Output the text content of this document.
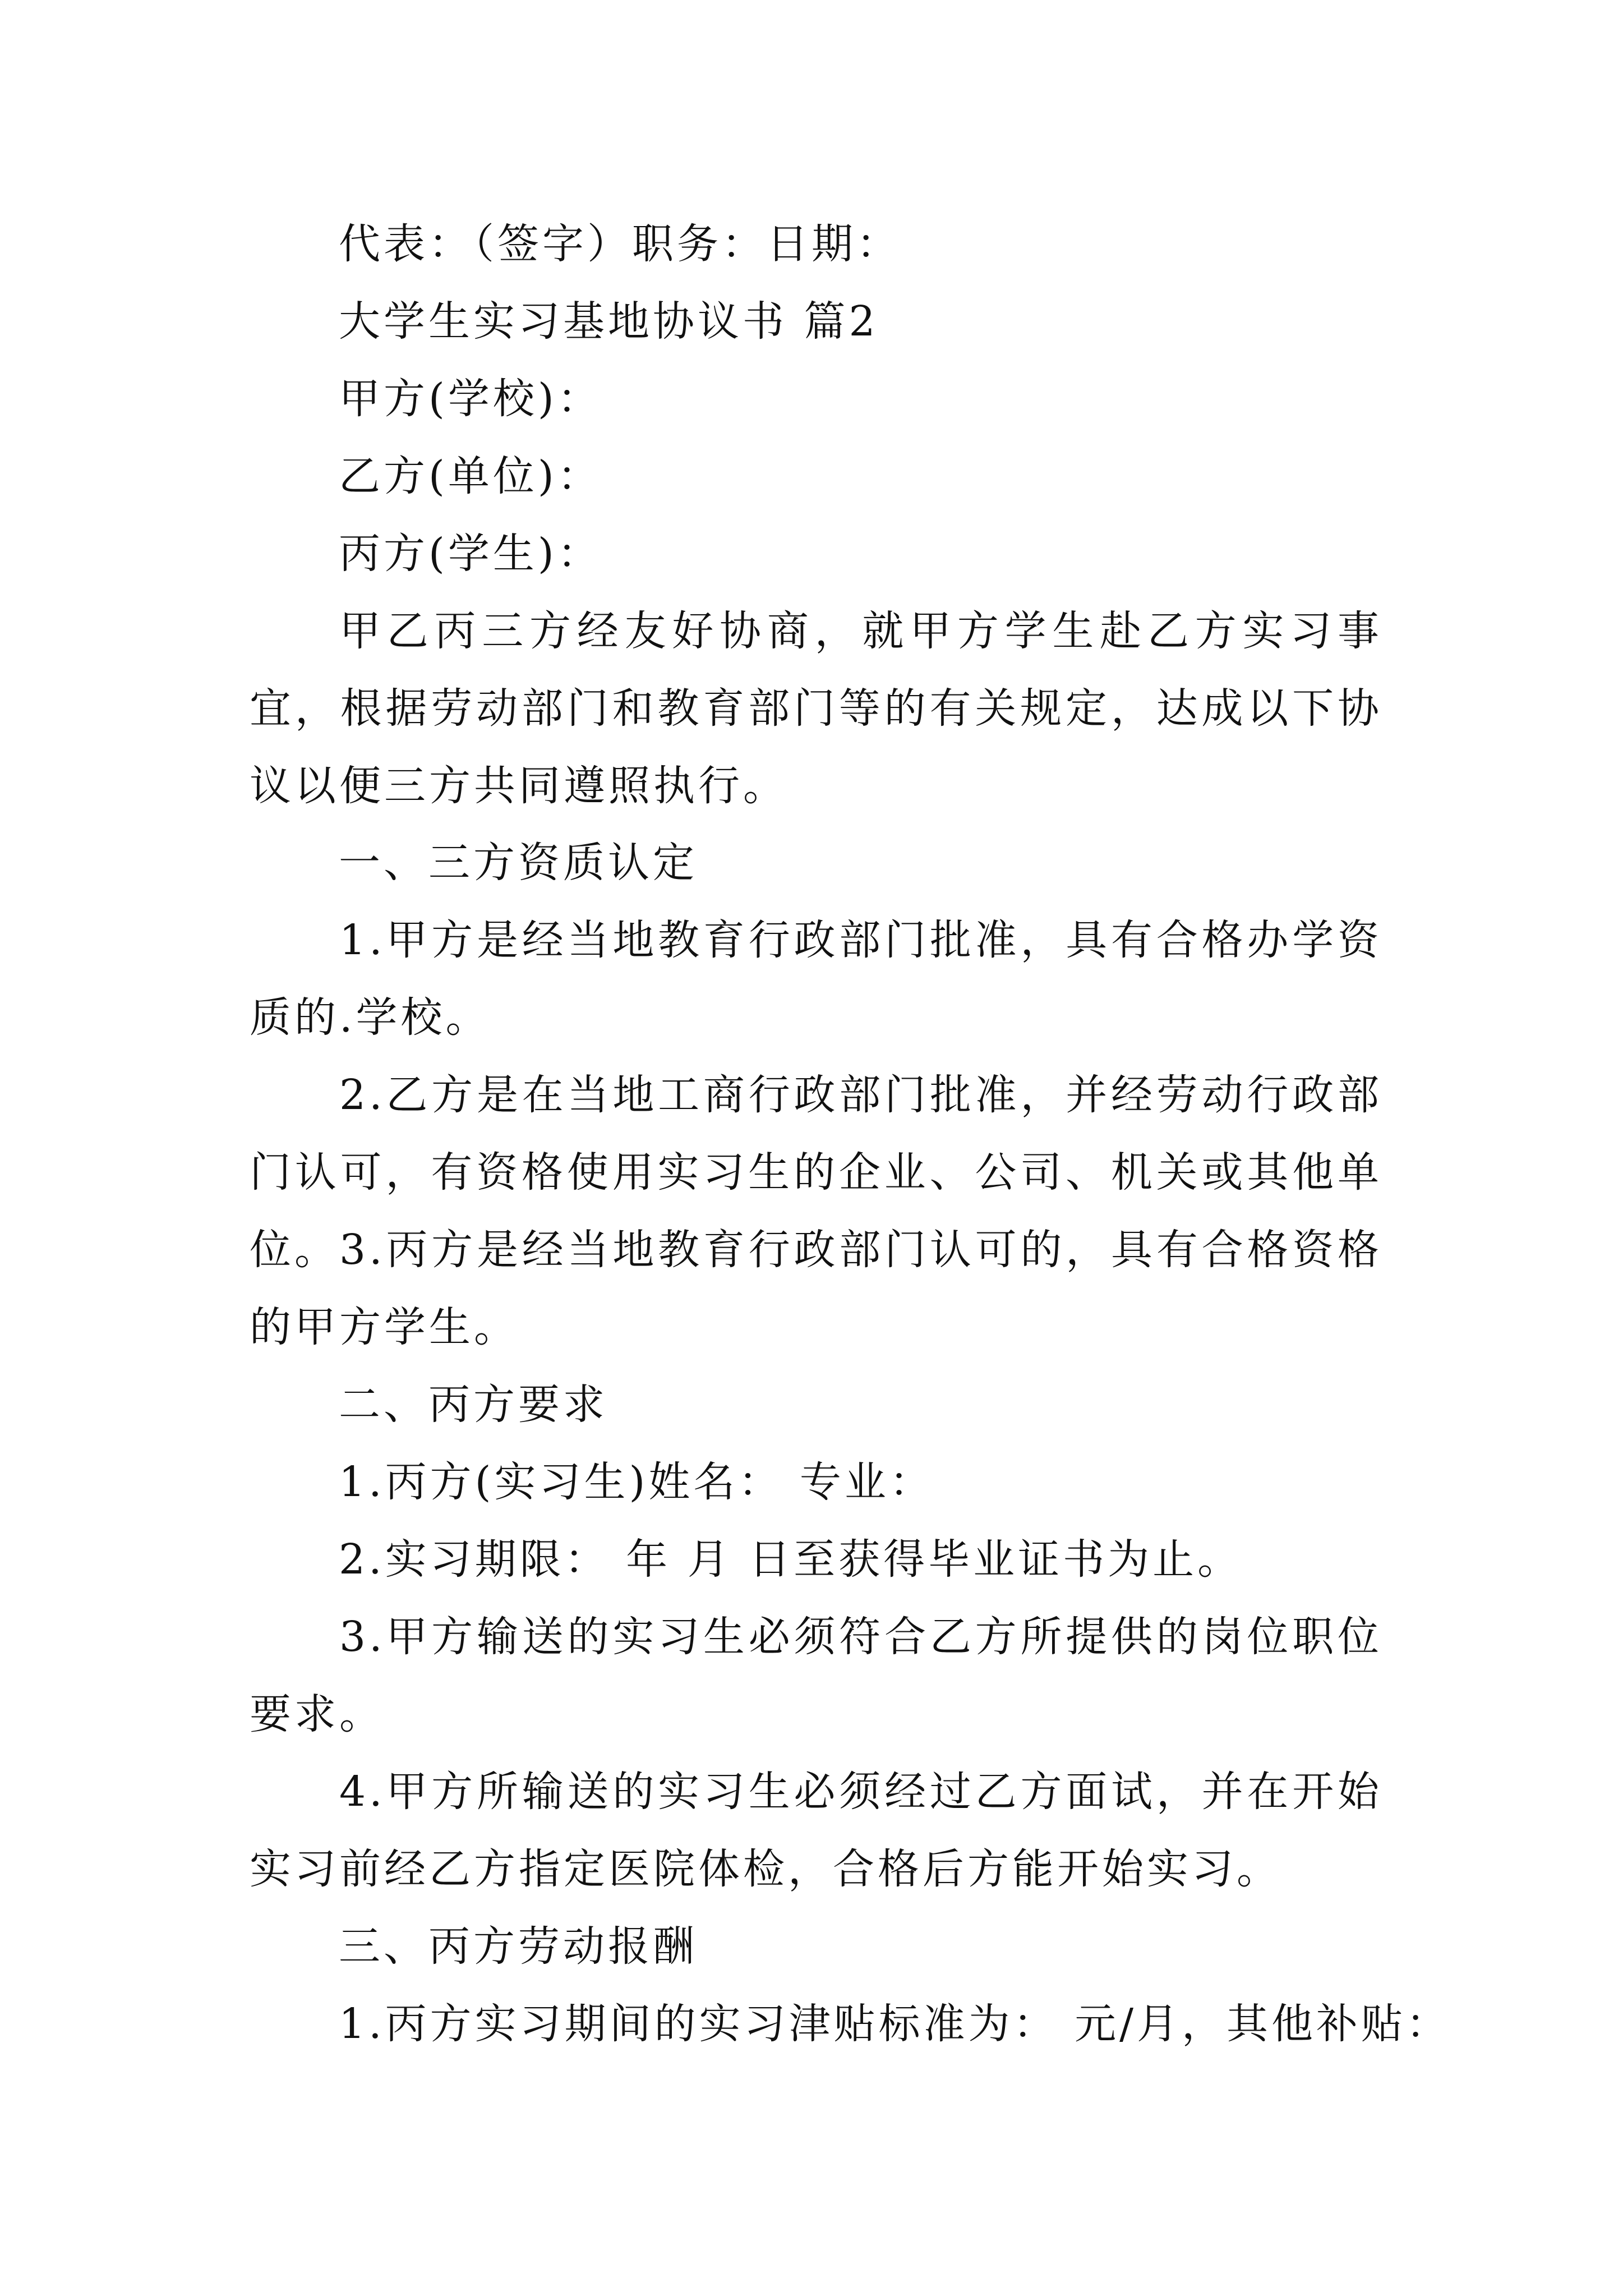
代表：（签字）职务：日期：
大学生实习基地协议书 篇2
甲方(学校)：
乙方(单位)：
丙方(学生)：
甲乙丙三方经友好协商，就甲方学生赴乙方实习事宜，根据劳动部门和教育部门等的有关规定，达成以下协议以便三方共同遵照执行。
一、三方资质认定
1.甲方是经当地教育行政部门批准，具有合格办学资质的.学校。
2.乙方是在当地工商行政部门批准，并经劳动行政部门认可，有资格使用实习生的企业、公司、机关或其他单位。 3.丙方是经当地教育行政部门认可的，具有合格资格的甲方学生。
二、丙方要求
1.丙方(实习生)姓名： 专业：
2.实习期限： 年 月 日至获得毕业证书为止。
3.甲方输送的实习生必须符合乙方所提供的岗位职位要求。
4.甲方所输送的实习生必须经过乙方面试，并在开始实习前经乙方指定医院体检，合格后方能开始实习。
三、丙方劳动报酬
1.丙方实习期间的实习津贴标准为： 元/月，其他补贴：
